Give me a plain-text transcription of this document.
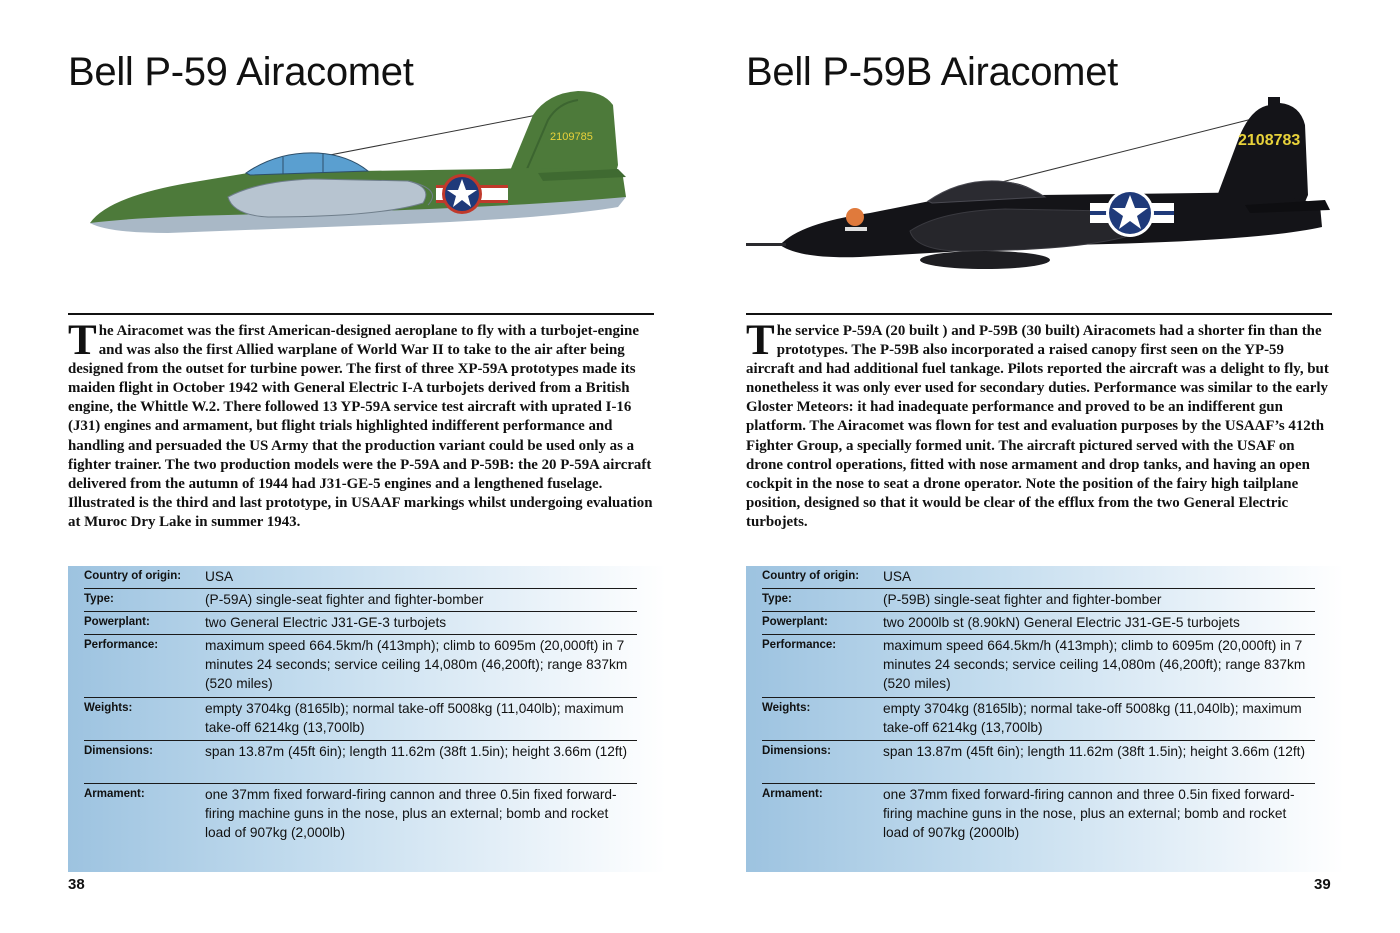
Bell P-59 Airacomet
2109785

The Airacomet was the first American-designed aeroplane to fly with a turbojet-engine and was also the first Allied warplane of World War II to take to the air after being designed from the outset for turbine power. The first of three XP-59A prototypes made its maiden flight in October 1942 with General Electric I-A turbojets derived from a British engine, the Whittle W.2. There followed 13 YP-59A service test aircraft with uprated I-16 (J31) engines and armament, but flight trials highlighted indifferent performance and handling and persuaded the US Army that the production variant could be used only as a fighter trainer. The two production models were the P-59A and P-59B: the 20 P-59A aircraft delivered from the autumn of 1944 had J31-GE-5 engines and a lengthened fuselage. Illustrated is the third and last prototype, in USAAF markings whilst undergoing evaluation at Muroc Dry Lake in summer 1943.

Country of origin:	USA
Type:	(P-59A) single-seat fighter and fighter-bomber
Powerplant:	two General Electric J31-GE-3 turbojets
Performance:	maximum speed 664.5km/h (413mph); climb to 6095m (20,000ft) in 7 minutes 24 seconds; service ceiling 14,080m (46,200ft); range 837km (520 miles)
Weights:	empty 3704kg (8165lb); normal take-off 5008kg (11,040lb); maximum take-off 6214kg (13,700lb)
Dimensions:	span 13.87m (45ft 6in); length 11.62m (38ft 1.5in); height 3.66m (12ft)
Armament:	one 37mm fixed forward-firing cannon and three 0.5in fixed forward-firing machine guns in the nose, plus an external; bomb and rocket load of 907kg (2,000lb)
38
Bell P-59B Airacomet
2108783

The service P-59A (20 built ) and P-59B (30 built) Airacomets had a shorter fin than the prototypes. The P-59B also incorporated a raised canopy first seen on the YP-59 aircraft and had additional fuel tankage. Pilots reported the aircraft was a delight to fly, but nonetheless it was only ever used for secondary duties. Performance was similar to the early Gloster Meteors: it had inadequate performance and proved to be an indifferent gun platform. The Airacomet was flown for test and evaluation purposes by the USAAF’s 412th Fighter Group, a specially formed unit. The aircraft pictured served with the USAF on drone control operations, fitted with nose armament and drop tanks, and having an open cockpit in the nose to seat a drone operator. Note the position of the fairy high tailplane position, designed so that it would be clear of the efflux from the two General Electric turbojets.

Country of origin:	USA
Type:	(P-59B) single-seat fighter and fighter-bomber
Powerplant:	two 2000lb st (8.90kN) General Electric J31-GE-5 turbojets
Performance:	maximum speed 664.5km/h (413mph); climb to 6095m (20,000ft) in 7 minutes 24 seconds; service ceiling 14,080m (46,200ft); range 837km (520 miles)
Weights:	empty 3704kg (8165lb); normal take-off 5008kg (11,040lb); maximum take-off 6214kg (13,700lb)
Dimensions:	span 13.87m (45ft 6in); length 11.62m (38ft 1.5in); height 3.66m (12ft)
Armament:	one 37mm fixed forward-firing cannon and three 0.5in fixed forward-firing machine guns in the nose, plus an external; bomb and rocket load of 907kg (2000lb)
39
